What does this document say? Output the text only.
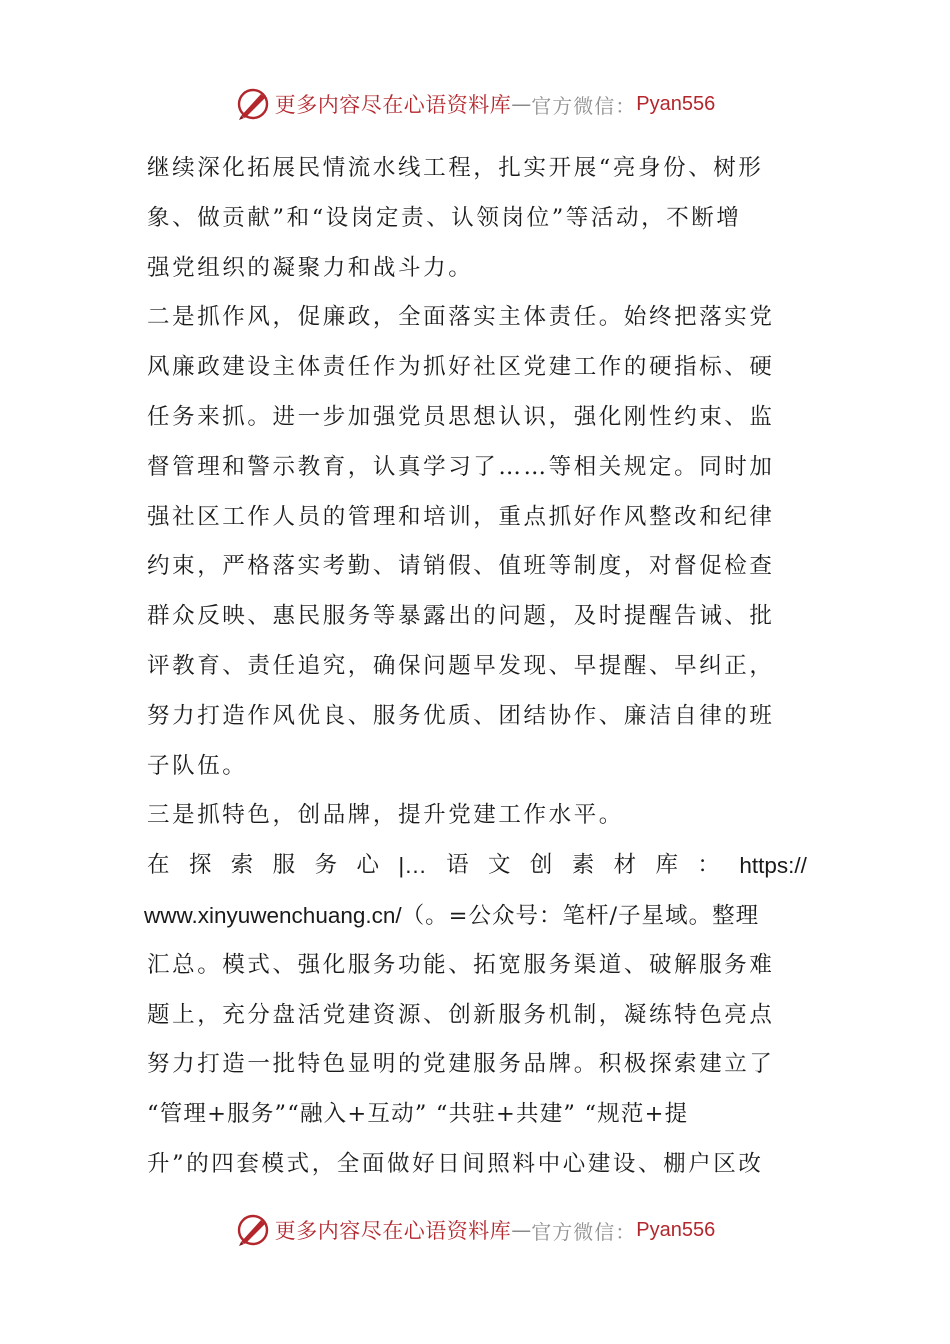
更多内容尽在心语资料库 — 官方微信： Pyan556
继续深化拓展民情流水线工程，扎实开展“亮身份、树形
象、做贡献”和“设岗定责、认领岗位”等活动，不断增
强党组织的凝聚力和战斗力。
二是抓作风，促廉政，全面落实主体责任。始终把落实党
风廉政建设主体责任作为抓好社区党建工作的硬指标、硬
任务来抓。进一步加强党员思想认识，强化刚性约束、监
督管理和警示教育，认真学习了……等相关规定。同时加
强社区工作人员的管理和培训，重点抓好作风整改和纪律
约束，严格落实考勤、请销假、值班等制度，对督促检查
群众反映、惠民服务等暴露出的问题，及时提醒告诫、批
评教育、责任追究，确保问题早发现、早提醒、早纠正，
努力打造作风优良、服务优质、团结协作、廉洁自律的班
子队伍。
三是抓特色，创品牌，提升党建工作水平。
在 探 索 服 务 心 |… 语 文 创 素 材 库 ： https://
www.xinyuwenchuang.cn/（。=公众号：笔杆/子星域。整理
汇总。模式、强化服务功能、拓宽服务渠道、破解服务难
题上，充分盘活党建资源、创新服务机制，凝练特色亮点
努力打造一批特色显明的党建服务品牌。积极探索建立了
“管理+服务”“融入+互动” “共驻+共建” “规范+提
升”的四套模式，全面做好日间照料中心建设、棚户区改
更多内容尽在心语资料库 — 官方微信： Pyan556
